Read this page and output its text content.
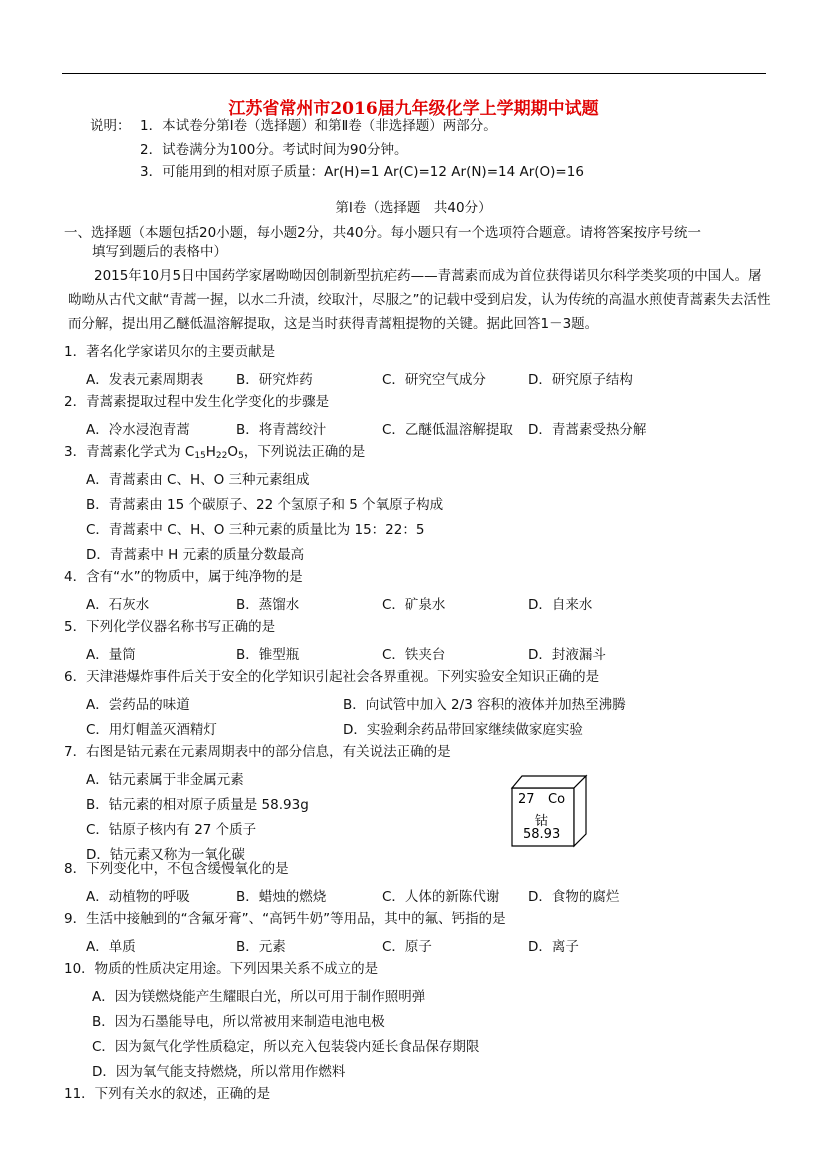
江苏省常州市2016届九年级化学上学期期中试题
说明： 1．本试卷分第Ⅰ卷（选择题）和第Ⅱ卷（非选择题）两部分。
2．试卷满分为100分。考试时间为90分钟。
3．可能用到的相对原子质量：Ar(H)=1 Ar(C)=12 Ar(N)=14 Ar(O)=16
第Ⅰ卷（选择题　共40分）
一、选择题（本题包括20小题，每小题2分，共40分。每小题只有一个选项符合题意。请将答案按序号统一
填写到题后的表格中）
2015年10月5日中国药学家屠呦呦因创制新型抗疟药——青蒿素而成为首位获得诺贝尔科学类奖项的中国人。屠呦呦从古代文献“青蒿一握，以水二升渍，绞取汁，尽服之”的记载中受到启发，认为传统的高温水煎使青蒿素失去活性而分解，提出用乙醚低温溶解提取，这是当时获得青蒿粗提物的关键。据此回答1－3题。
1．著名化学家诺贝尔的主要贡献是
A．发表元素周期表 B．研究炸药	C．研究空气成分	D．研究原子结构
2．青蒿素提取过程中发生化学变化的步骤是
A．冷水浸泡青蒿	B．将青蒿绞汁	C．乙醚低温溶解提取 D．青蒿素受热分解
3．青蒿素化学式为 $C_{15}H_{22}O_5$，下列说法正确的是
A．青蒿素由 C、H、O 三种元素组成
B．青蒿素由 15 个碳原子、22 个氢原子和 5 个氧原子构成
C．青蒿素中 C、H、O 三种元素的质量比为 15：22：5
D．青蒿素中 H 元素的质量分数最高
4．含有“水”的物质中，属于纯净物的是
A．石灰水	B．蒸馏水	C．矿泉水	D．自来水
5．下列化学仪器名称书写正确的是
A．量筒	B．锥型瓶	C．铁夹台	D．封液漏斗
6．天津港爆炸事件后关于安全的化学知识引起社会各界重视。下列实验安全知识正确的是
A．尝药品的味道	B．向试管中加入 2/3 容积的液体并加热至沸腾
C．用灯帽盖灭酒精灯	D．实验剩余药品带回家继续做家庭实验
7．右图是钴元素在元素周期表中的部分信息，有关说法正确的是
A．钴元素属于非金属元素
B．钴元素的相对原子质量是 58.93g
C．钴原子核内有 27 个质子
D．钴元素又称为一氧化碳
27 Co
钴
58.93
8．下列变化中，不包含缓慢氧化的是
A．动植物的呼吸	B．蜡烛的燃烧	C．人体的新陈代谢 D．食物的腐烂
9．生活中接触到的“含氟牙膏”、“高钙牛奶”等用品，其中的氟、钙指的是
A．单质	B．元素	C．原子	D．离子
10．物质的性质决定用途。下列因果关系不成立的是
A．因为镁燃烧能产生耀眼白光，所以可用于制作照明弹
B．因为石墨能导电，所以常被用来制造电池电极
C．因为氮气化学性质稳定，所以充入包装袋内延长食品保存期限
D．因为氧气能支持燃烧，所以常用作燃料
11．下列有关水的叙述，正确的是
